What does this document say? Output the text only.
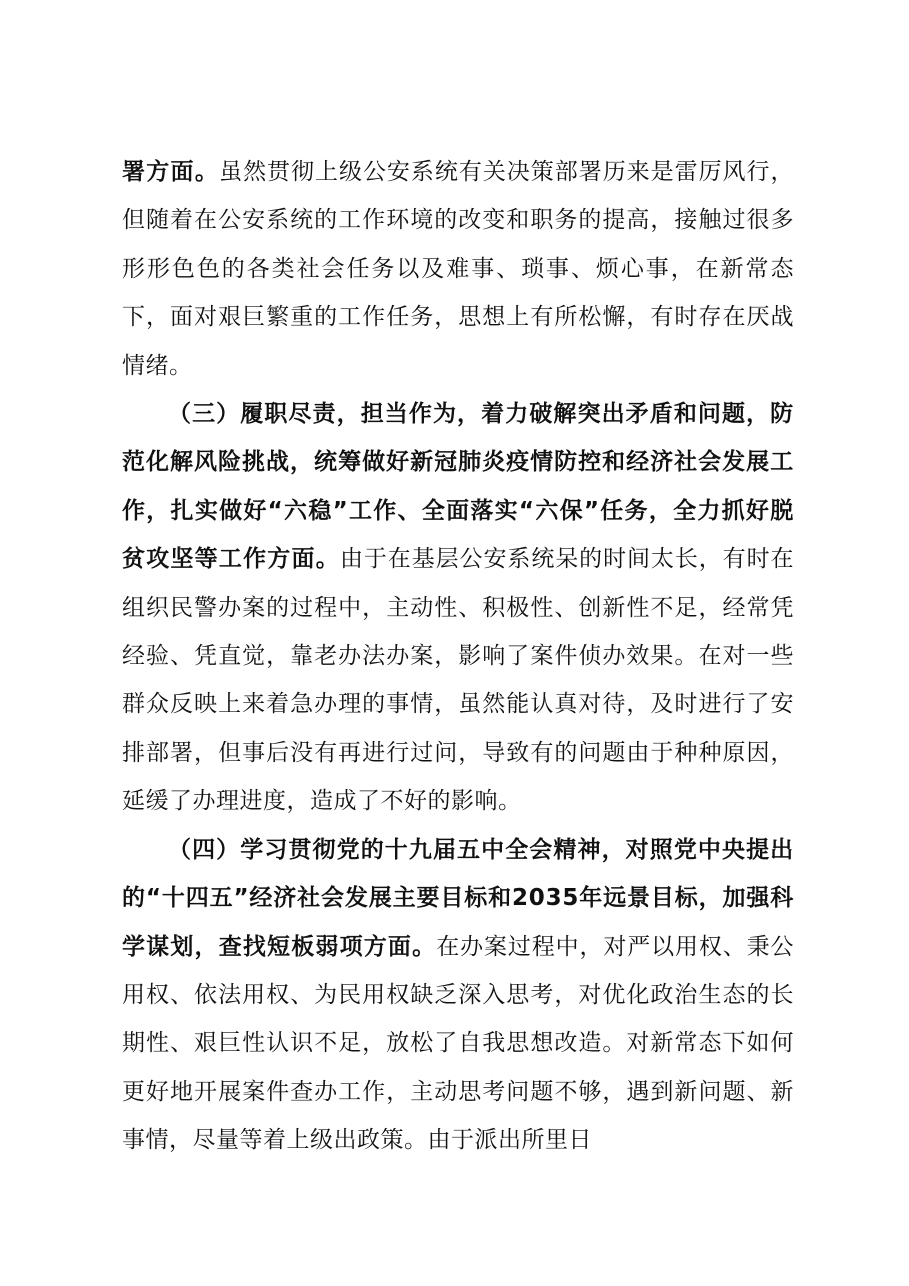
署方面。虽然贯彻上级公安系统有关决策部署历来是雷厉风行，但随着在公安系统的工作环境的改变和职务的提高，接触过很多形形色色的各类社会任务以及难事、琐事、烦心事，在新常态下，面对艰巨繁重的工作任务，思想上有所松懈，有时存在厌战情绪。

（三）履职尽责，担当作为，着力破解突出矛盾和问题，防范化解风险挑战，统筹做好新冠肺炎疫情防控和经济社会发展工作，扎实做好“六稳”工作、全面落实“六保”任务，全力抓好脱贫攻坚等工作方面。由于在基层公安系统呆的时间太长，有时在组织民警办案的过程中，主动性、积极性、创新性不足，经常凭经验、凭直觉，靠老办法办案，影响了案件侦办效果。在对一些群众反映上来着急办理的事情，虽然能认真对待，及时进行了安排部署，但事后没有再进行过问，导致有的问题由于种种原因，延缓了办理进度，造成了不好的影响。

（四）学习贯彻党的十九届五中全会精神，对照党中央提出的“十四五”经济社会发展主要目标和2035年远景目标，加强科学谋划，查找短板弱项方面。在办案过程中，对严以用权、秉公用权、依法用权、为民用权缺乏深入思考，对优化政治生态的长期性、艰巨性认识不足，放松了自我思想改造。对新常态下如何更好地开展案件查办工作，主动思考问题不够，遇到新问题、新事情，尽量等着上级出政策。由于派出所里日
